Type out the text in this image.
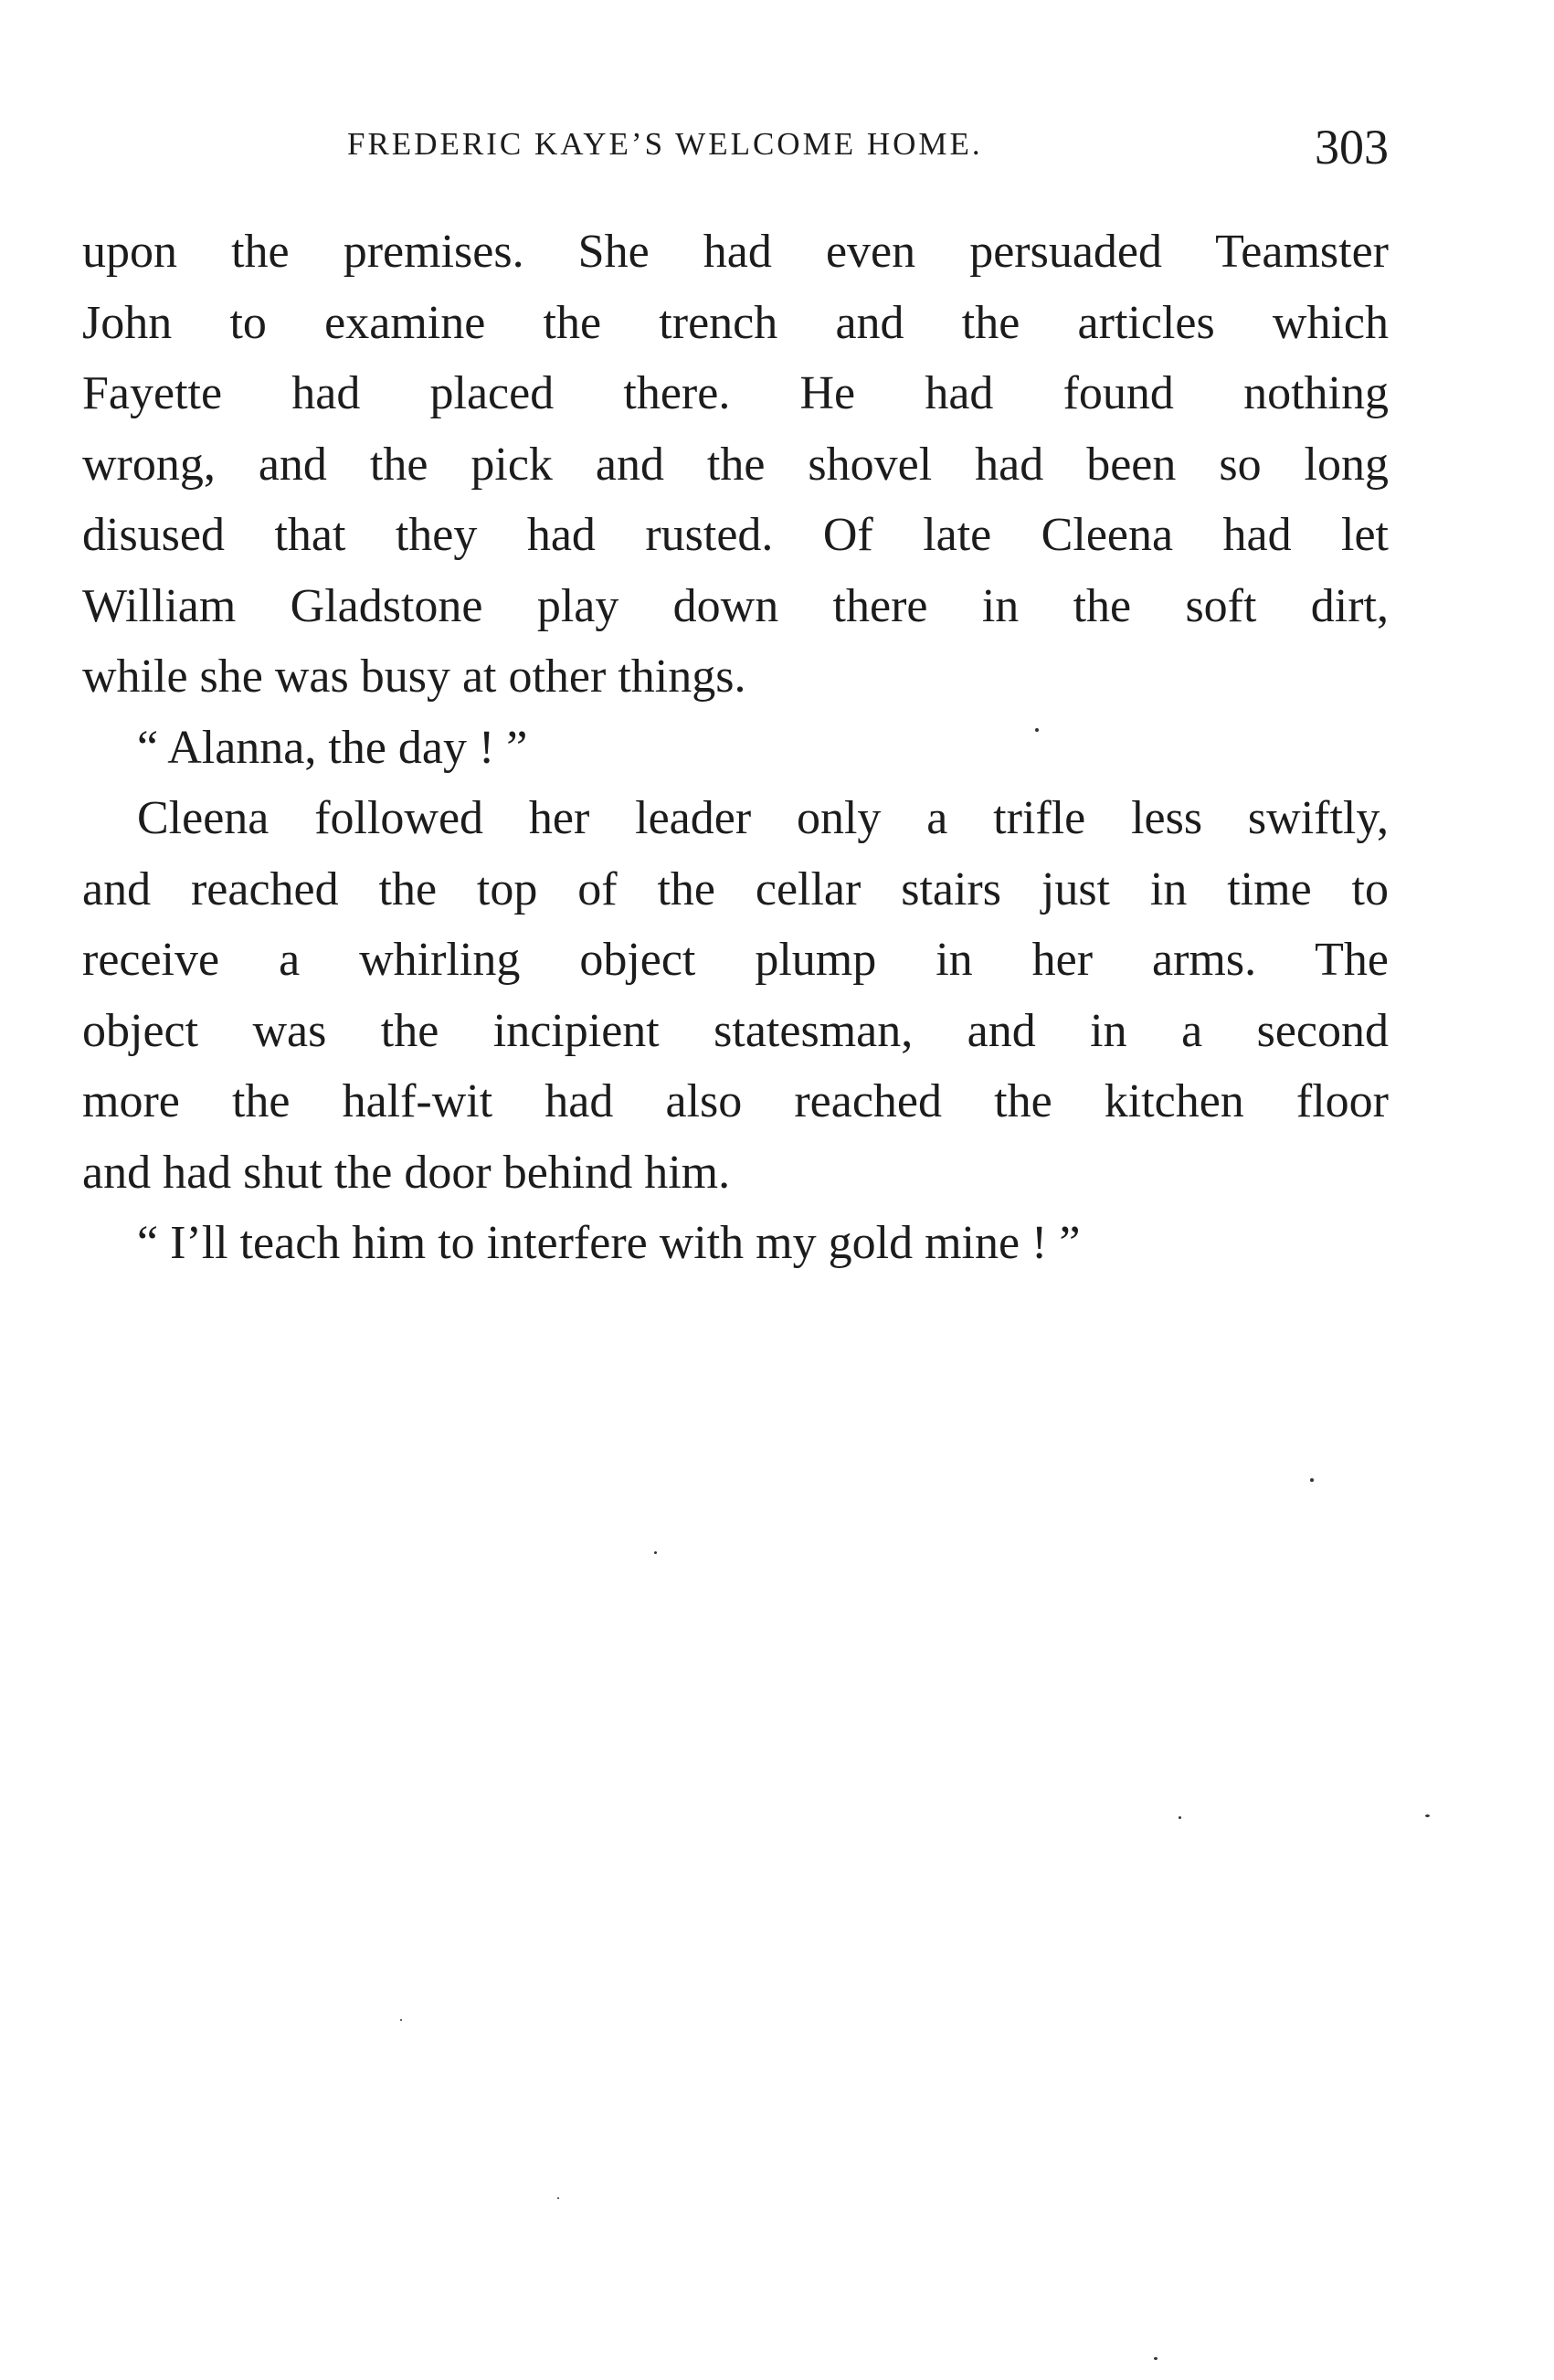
FREDERIC KAYE’S WELCOME HOME.	303
upon the premises. She had even persuaded Teamster
John to examine the trench and the articles which
Fayette had placed there. He had found nothing
wrong, and the pick and the shovel had been so long
disused that they had rusted. Of late Cleena had let
William Gladstone play down there in the soft dirt,
while she was busy at other things.
“ Alanna, the day ! ”
Cleena followed her leader only a trifle less swiftly,
and reached the top of the cellar stairs just in time to
receive a whirling object plump in her arms. The
object was the incipient statesman, and in a second
more the half-wit had also reached the kitchen floor
and had shut the door behind him.
“ I’ll teach him to interfere with my gold mine ! ”
